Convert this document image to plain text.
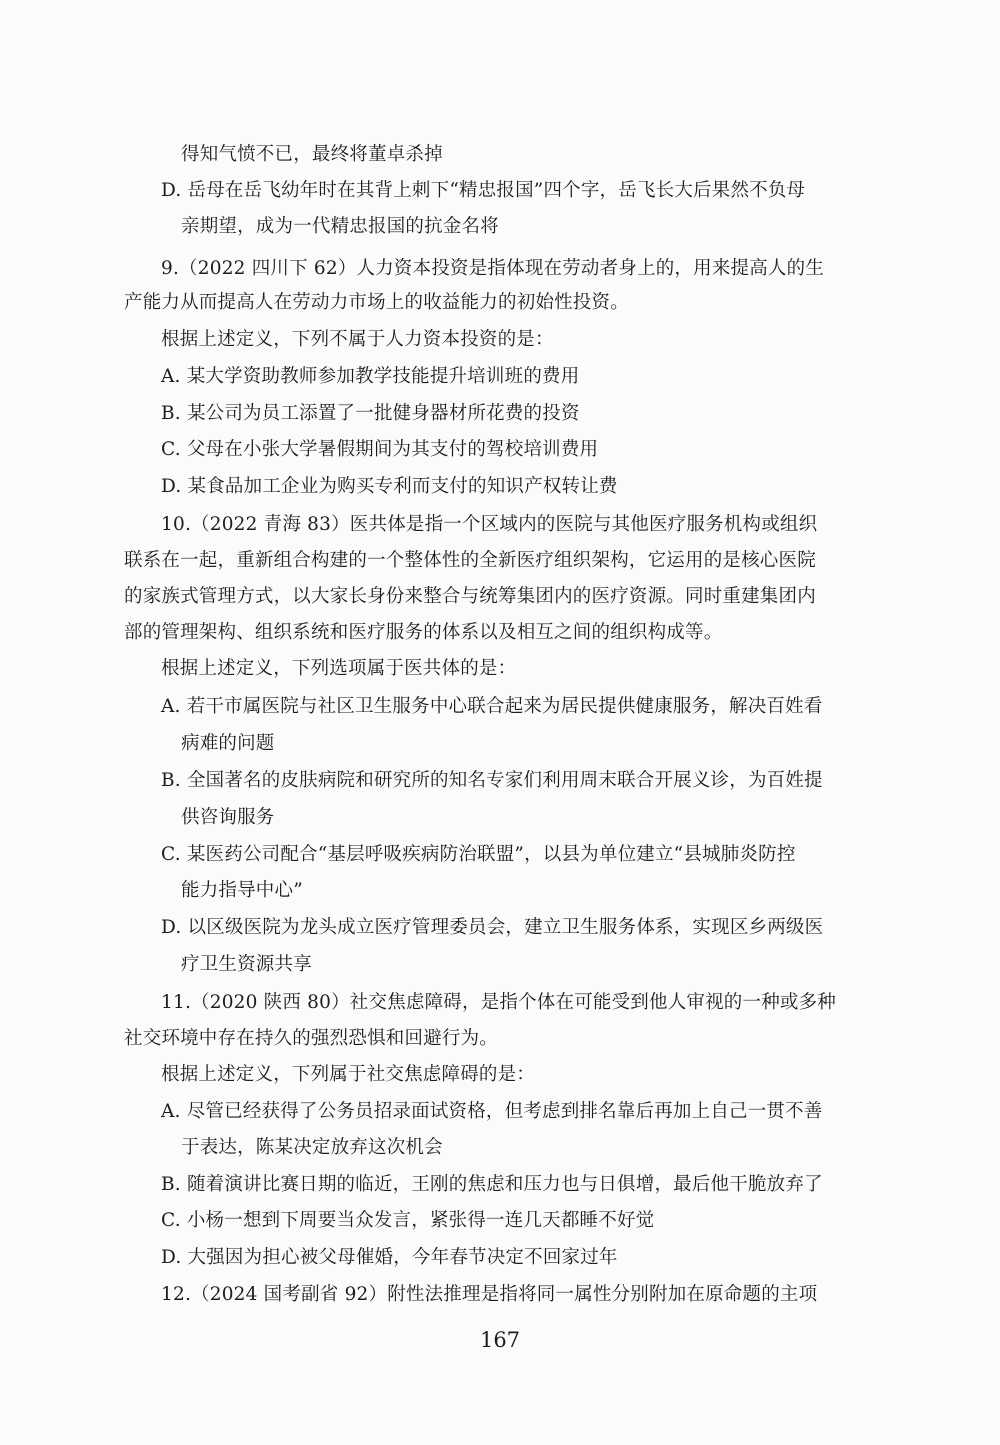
得知气愤不已，最终将董卓杀掉
D. 岳母在岳飞幼年时在其背上刺下“精忠报国”四个字，岳飞长大后果然不负母
亲期望，成为一代精忠报国的抗金名将
9.（2022 四川下 62）人力资本投资是指体现在劳动者身上的，用来提高人的生
产能力从而提高人在劳动力市场上的收益能力的初始性投资。
根据上述定义，下列不属于人力资本投资的是：
A. 某大学资助教师参加教学技能提升培训班的费用
B. 某公司为员工添置了一批健身器材所花费的投资
C. 父母在小张大学暑假期间为其支付的驾校培训费用
D. 某食品加工企业为购买专利而支付的知识产权转让费
10.（2022 青海 83）医共体是指一个区域内的医院与其他医疗服务机构或组织
联系在一起，重新组合构建的一个整体性的全新医疗组织架构，它运用的是核心医院
的家族式管理方式，以大家长身份来整合与统筹集团内的医疗资源。同时重建集团内
部的管理架构、组织系统和医疗服务的体系以及相互之间的组织构成等。
根据上述定义，下列选项属于医共体的是：
A. 若干市属医院与社区卫生服务中心联合起来为居民提供健康服务，解决百姓看
病难的问题
B. 全国著名的皮肤病院和研究所的知名专家们利用周末联合开展义诊，为百姓提
供咨询服务
C. 某医药公司配合“基层呼吸疾病防治联盟”，以县为单位建立“县城肺炎防控
能力指导中心”
D. 以区级医院为龙头成立医疗管理委员会，建立卫生服务体系，实现区乡两级医
疗卫生资源共享
11.（2020 陕西 80）社交焦虑障碍，是指个体在可能受到他人审视的一种或多种
社交环境中存在持久的强烈恐惧和回避行为。
根据上述定义，下列属于社交焦虑障碍的是：
A. 尽管已经获得了公务员招录面试资格，但考虑到排名靠后再加上自己一贯不善
于表达，陈某决定放弃这次机会
B. 随着演讲比赛日期的临近，王刚的焦虑和压力也与日俱增，最后他干脆放弃了
C. 小杨一想到下周要当众发言，紧张得一连几天都睡不好觉
D. 大强因为担心被父母催婚，今年春节决定不回家过年
12.（2024 国考副省 92）附性法推理是指将同一属性分别附加在原命题的主项
167
